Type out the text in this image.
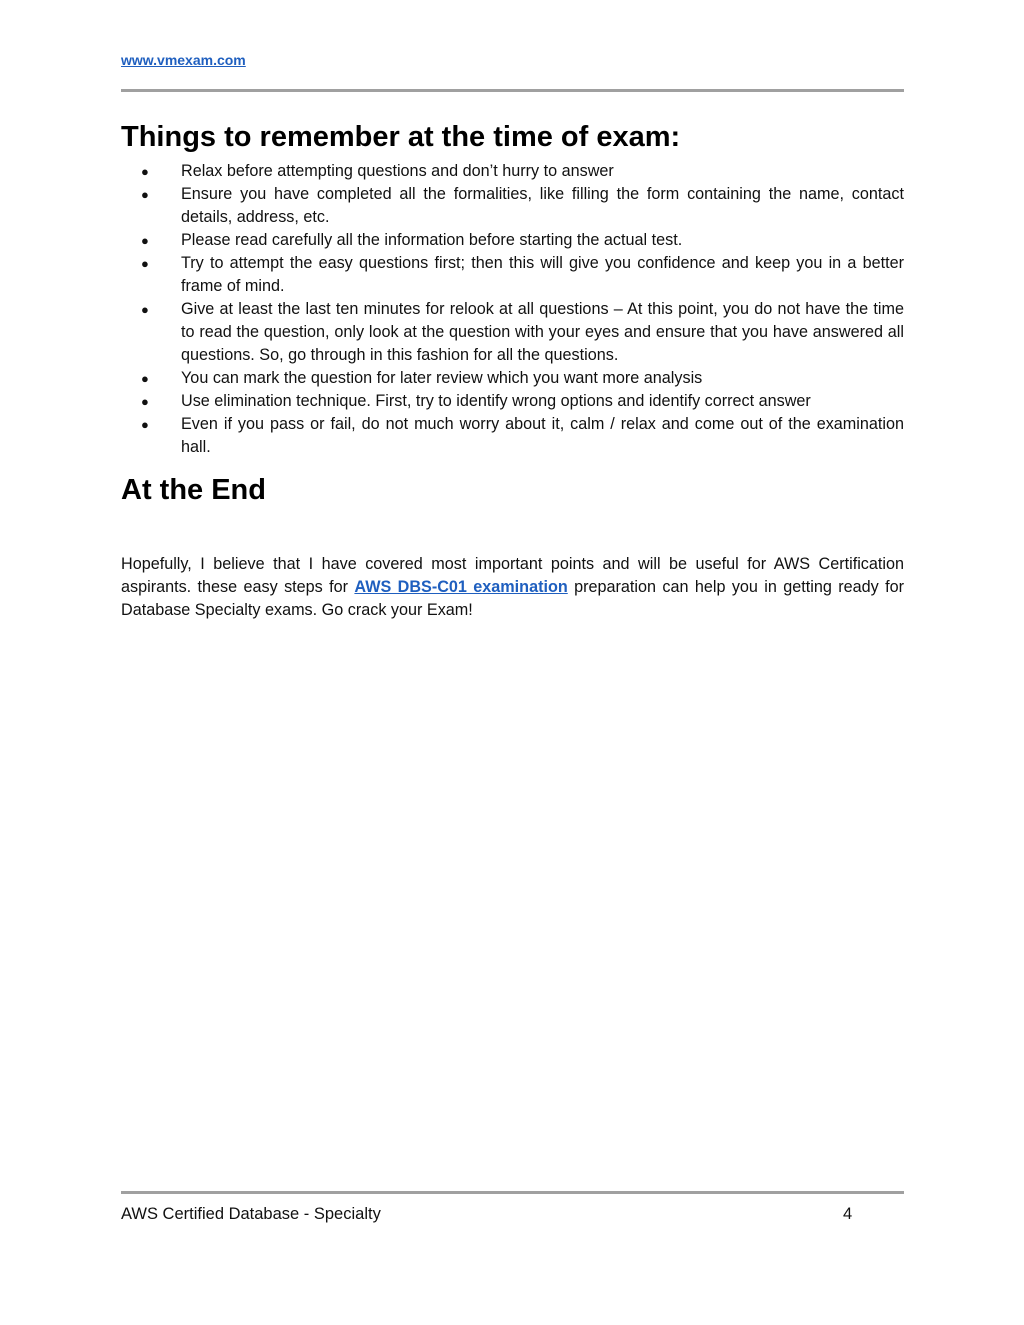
www.vmexam.com
Things to remember at the time of exam:
● Relax before attempting questions and don’t hurry to answer
● Ensure you have completed all the formalities, like filling the form containing the name, contact details, address, etc.
● Please read carefully all the information before starting the actual test.
● Try to attempt the easy questions first; then this will give you confidence and keep you in a better frame of mind.
● Give at least the last ten minutes for relook at all questions – At this point, you do not have the time to read the question, only look at the question with your eyes and ensure that you have answered all questions. So, go through in this fashion for all the questions.
● You can mark the question for later review which you want more analysis
● Use elimination technique. First, try to identify wrong options and identify correct answer
● Even if you pass or fail, do not much worry about it, calm / relax and come out of the examination hall.
At the End

Hopefully, I believe that I have covered most important points and will be useful for AWS Certification aspirants. these easy steps for AWS DBS-C01 examination preparation can help you in getting ready for Database Specialty exams. Go crack your Exam!

AWS Certified Database - Specialty	4
